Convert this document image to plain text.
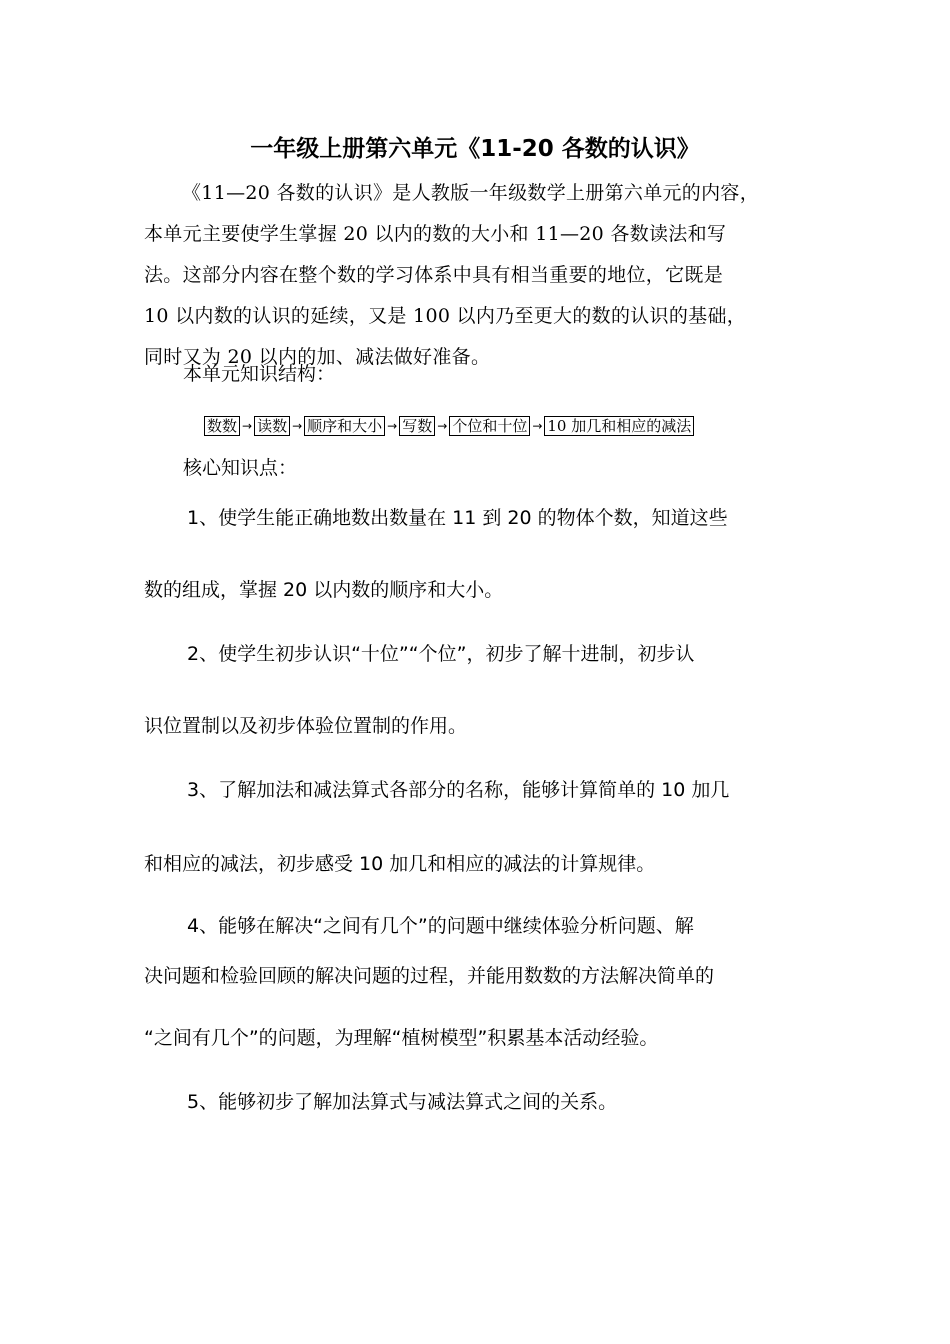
一年级上册第六单元《11-20 各数的认识》
《11—20 各数的认识》是人教版一年级数学上册第六单元的内容，
本单元主要使学生掌握 20 以内的数的大小和 11—20 各数读法和写
法。这部分内容在整个数的学习体系中具有相当重要的地位，它既是
10 以内数的认识的延续，又是 100 以内乃至更大的数的认识的基础，
同时又为 20 以内的加、减法做好准备。
本单元知识结构：
数数 → 读数 → 顺序和大小 → 写数 → 个位和十位 → 10 加几和相应的减法
核心知识点：
1、使学生能正确地数出数量在 11 到 20 的物体个数，知道这些
数的组成，掌握 20 以内数的顺序和大小。
2、使学生初步认识“十位”“个位”，初步了解十进制，初步认
识位置制以及初步体验位置制的作用。
3、了解加法和减法算式各部分的名称，能够计算简单的 10 加几
和相应的减法，初步感受 10 加几和相应的减法的计算规律。
4、能够在解决“之间有几个”的问题中继续体验分析问题、解
决问题和检验回顾的解决问题的过程，并能用数数的方法解决简单的
“之间有几个”的问题，为理解“植树模型”积累基本活动经验。
5、能够初步了解加法算式与减法算式之间的关系。
